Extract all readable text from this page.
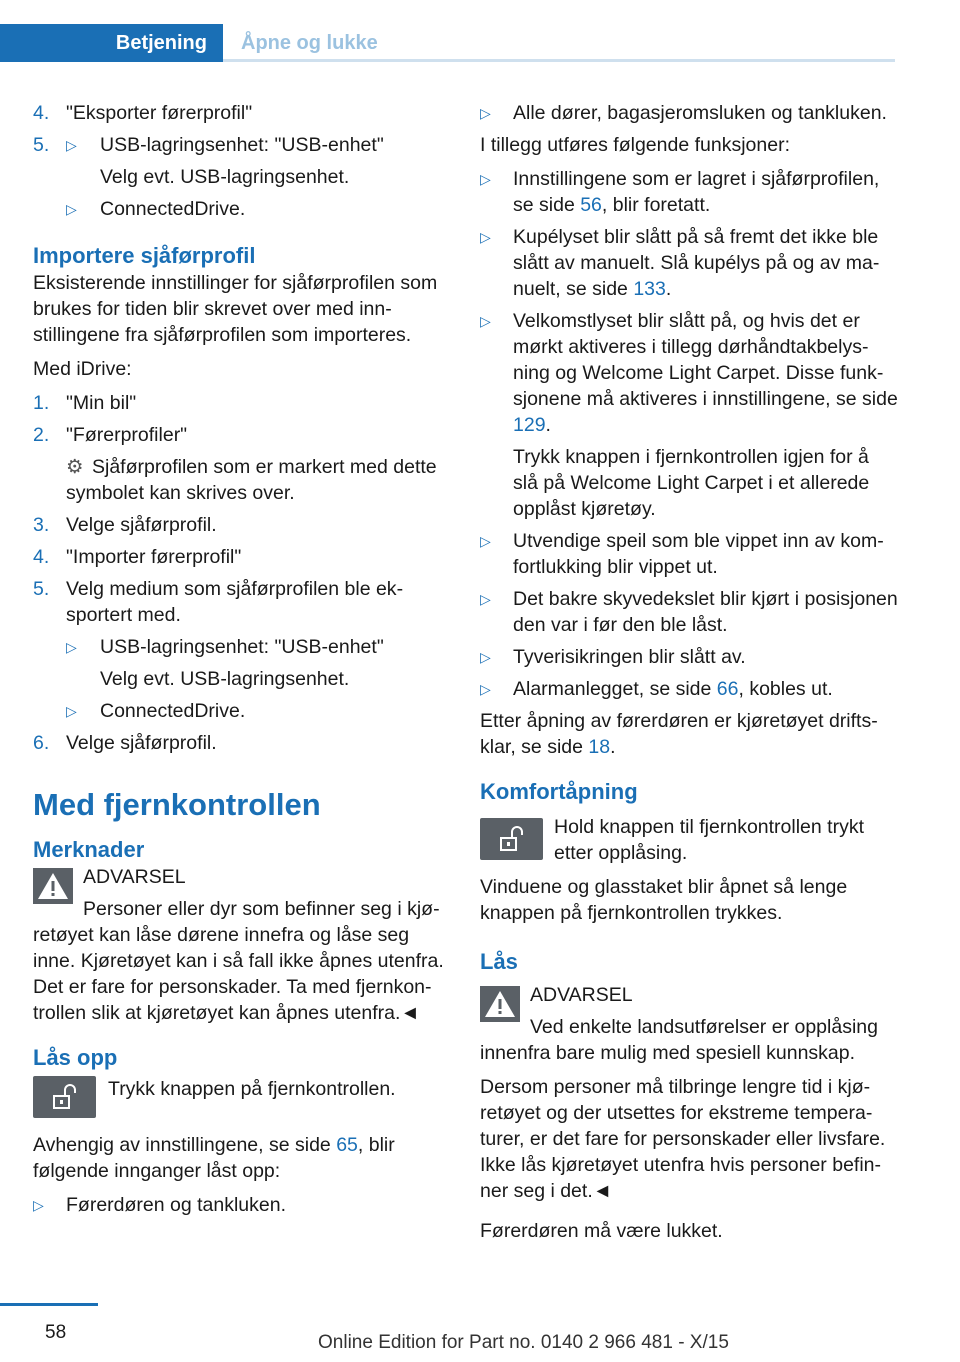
Betjening	Åpne og lukke
4. "Eksporter førerprofil"
5.	▷ USB-lagringsenhet: "USB-enhet"
Velg evt. USB-lagringsenhet.
▷ ConnectedDrive.
Importere sjåførprofil
Eksisterende innstillinger for sjåførprofilen som brukes for tiden blir skrevet over med innstillingene fra sjåførprofilen som importeres.
Med iDrive:
1. "Min bil"
2. "Førerprofiler"
⚙ Sjåførprofilen som er markert med dette symbolet kan skrives over.
3. Velge sjåførprofil.
4. "Importer førerprofil"
5. Velg medium som sjåførprofilen ble eksportert med.
▷ USB-lagringsenhet: "USB-enhet"
Velg evt. USB-lagringsenhet.
▷ ConnectedDrive.
6. Velge sjåførprofil.
Med fjernkontrollen
Merknader
ADVARSEL
Personer eller dyr som befinner seg i kjøretøyet kan låse dørene innefra og låse seg inne. Kjøretøyet kan i så fall ikke åpnes utenfra. Det er fare for personskader. Ta med fjernkontrollen slik at kjøretøyet kan åpnes utenfra.◄
Lås opp
Trykk knappen på fjernkontrollen.
Avhengig av innstillingene, se side 65, blir følgende innganger låst opp:
▷ Førerdøren og tankluken.
▷ Alle dører, bagasjeromsluken og tankluken.
I tillegg utføres følgende funksjoner:
▷ Innstillingene som er lagret i sjåførprofilen, se side 56, blir foretatt.
▷ Kupélyset blir slått på så fremt det ikke ble slått av manuelt. Slå kupélys på og av manuelt, se side 133.
▷ Velkomstlyset blir slått på, og hvis det er mørkt aktiveres i tillegg dørhåndtakbelysning og Welcome Light Carpet. Disse funksjonene må aktiveres i innstillingene, se side 129.
Trykk knappen i fjernkontrollen igjen for å slå på Welcome Light Carpet i et allerede opplåst kjøretøy.
▷ Utvendige speil som ble vippet inn av komfortlukking blir vippet ut.
▷ Det bakre skyvedekslet blir kjørt i posisjonen den var i før den ble låst.
▷ Tyverisikringen blir slått av.
▷ Alarmanlegget, se side 66, kobles ut.
Etter åpning av førerdøren er kjøretøyet driftsklar, se side 18.
Komfortåpning
Hold knappen til fjernkontrollen trykt etter opplåsing.
Vinduene og glasstaket blir åpnet så lenge knappen på fjernkontrollen trykkes.
Lås
ADVARSEL
Ved enkelte landsutførelser er opplåsing innenfra bare mulig med spesiell kunnskap.
Dersom personer må tilbringe lengre tid i kjøretøyet og der utsettes for ekstreme temperaturer, er det fare for personskader eller livsfare. Ikke lås kjøretøyet utenfra hvis personer befinner seg i det.◄
Førerdøren må være lukket.
58	Online Edition for Part no. 0140 2 966 481 - X/15
